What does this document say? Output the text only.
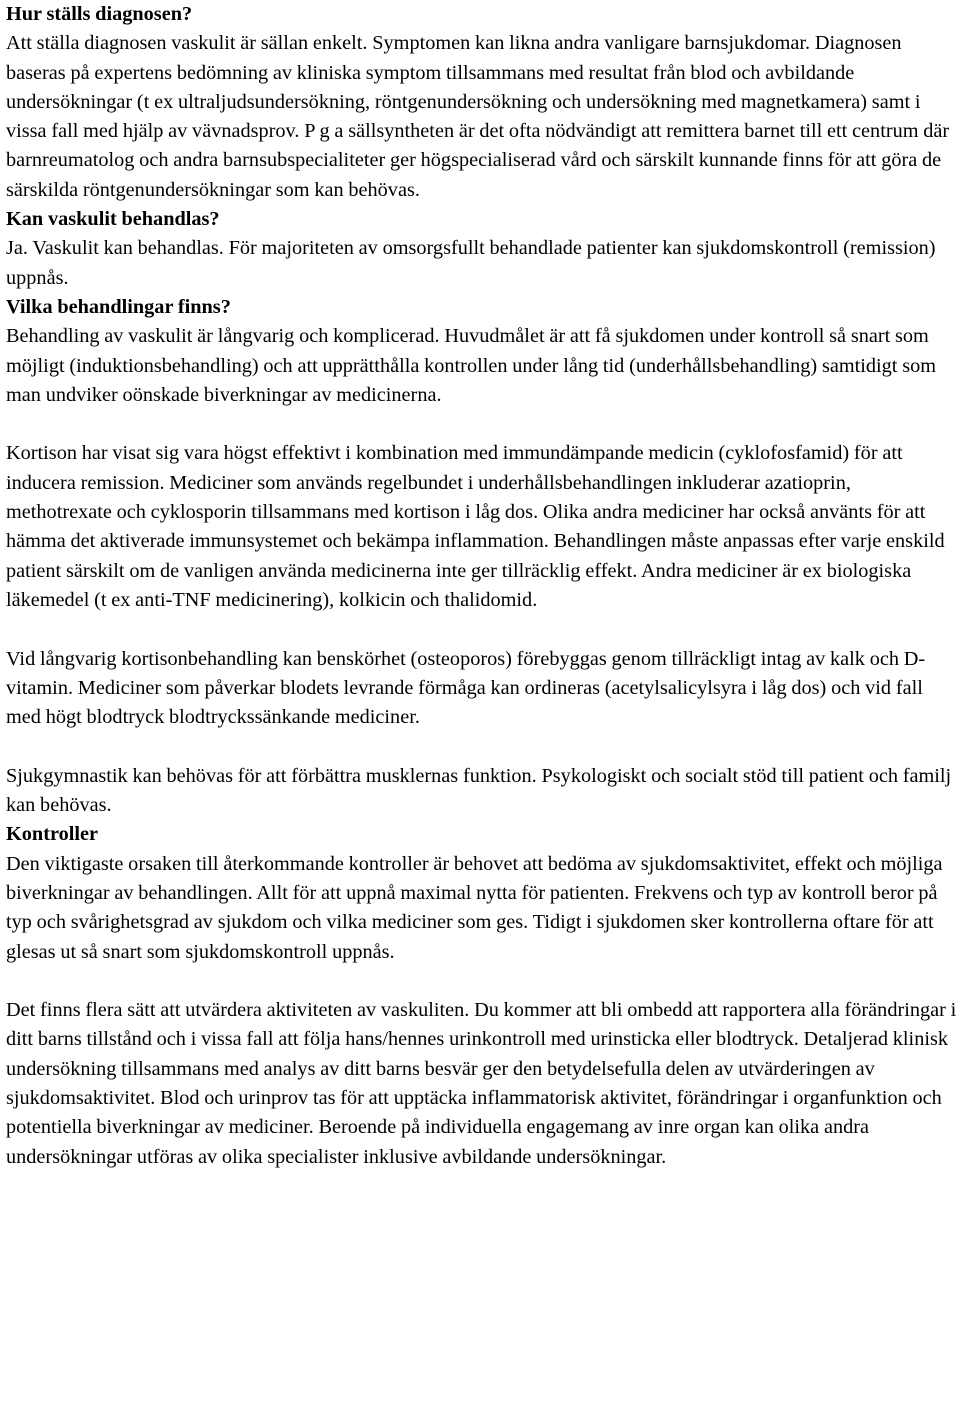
Hur ställs diagnosen?

Att ställa diagnosen vaskulit är sällan enkelt. Symptomen kan likna andra vanligare barnsjukdomar. Diagnosen baseras på expertens bedömning av kliniska symptom tillsammans med resultat från blod och avbildande undersökningar (t ex ultraljudsundersökning, röntgenundersökning och undersökning med magnetkamera) samt i vissa fall med hjälp av vävnadsprov. P g a sällsyntheten är det ofta nödvändigt att remittera barnet till ett centrum där barnreumatolog och andra barnsubspecialiteter ger högspecialiserad vård och särskilt kunnande finns för att göra de särskilda röntgenundersökningar som kan behövas.

Kan vaskulit behandlas?

Ja. Vaskulit kan behandlas. För majoriteten av omsorgsfullt behandlade patienter kan sjukdomskontroll (remission) uppnås.

Vilka behandlingar finns?

Behandling av vaskulit är långvarig och komplicerad. Huvudmålet är att få sjukdomen under kontroll så snart som möjligt (induktionsbehandling) och att upprätthålla kontrollen under lång tid (underhållsbehandling) samtidigt som man undviker oönskade biverkningar av medicinerna.

Kortison har visat sig vara högst effektivt i kombination med immundämpande medicin (cyklofosfamid) för att inducera remission. Mediciner som används regelbundet i underhållsbehandlingen inkluderar azatioprin, methotrexate och cyklosporin tillsammans med kortison i låg dos. Olika andra mediciner har också använts för att hämma det aktiverade immunsystemet och bekämpa inflammation. Behandlingen måste anpassas efter varje enskild patient särskilt om de vanligen använda medicinerna inte ger tillräcklig effekt. Andra mediciner är ex biologiska läkemedel (t ex anti-TNF medicinering), kolkicin och thalidomid.

Vid långvarig kortisonbehandling kan benskörhet (osteoporos) förebyggas genom tillräckligt intag av kalk och D-vitamin. Mediciner som påverkar blodets levrande förmåga kan ordineras (acetylsalicylsyra i låg dos) och vid fall med högt blodtryck blodtryckssänkande mediciner.

Sjukgymnastik kan behövas för att förbättra musklernas funktion. Psykologiskt och socialt stöd till patient och familj kan behövas.

Kontroller

Den viktigaste orsaken till återkommande kontroller är behovet att bedöma av sjukdomsaktivitet, effekt och möjliga biverkningar av behandlingen. Allt för att uppnå maximal nytta för patienten. Frekvens och typ av kontroll beror på typ och svårighetsgrad av sjukdom och vilka mediciner som ges. Tidigt i sjukdomen sker kontrollerna oftare för att glesas ut så snart som sjukdomskontroll uppnås.

Det finns flera sätt att utvärdera aktiviteten av vaskuliten. Du kommer att bli ombedd att rapportera alla förändringar i ditt barns tillstånd och i vissa fall att följa hans/hennes urinkontroll med urinsticka eller blodtryck. Detaljerad klinisk undersökning tillsammans med analys av ditt barns besvär ger den betydelsefulla delen av utvärderingen av sjukdomsaktivitet. Blod och urinprov tas för att upptäcka inflammatorisk aktivitet, förändringar i organfunktion och potentiella biverkningar av mediciner. Beroende på individuella engagemang av inre organ kan olika andra undersökningar utföras av olika specialister inklusive avbildande undersökningar.
